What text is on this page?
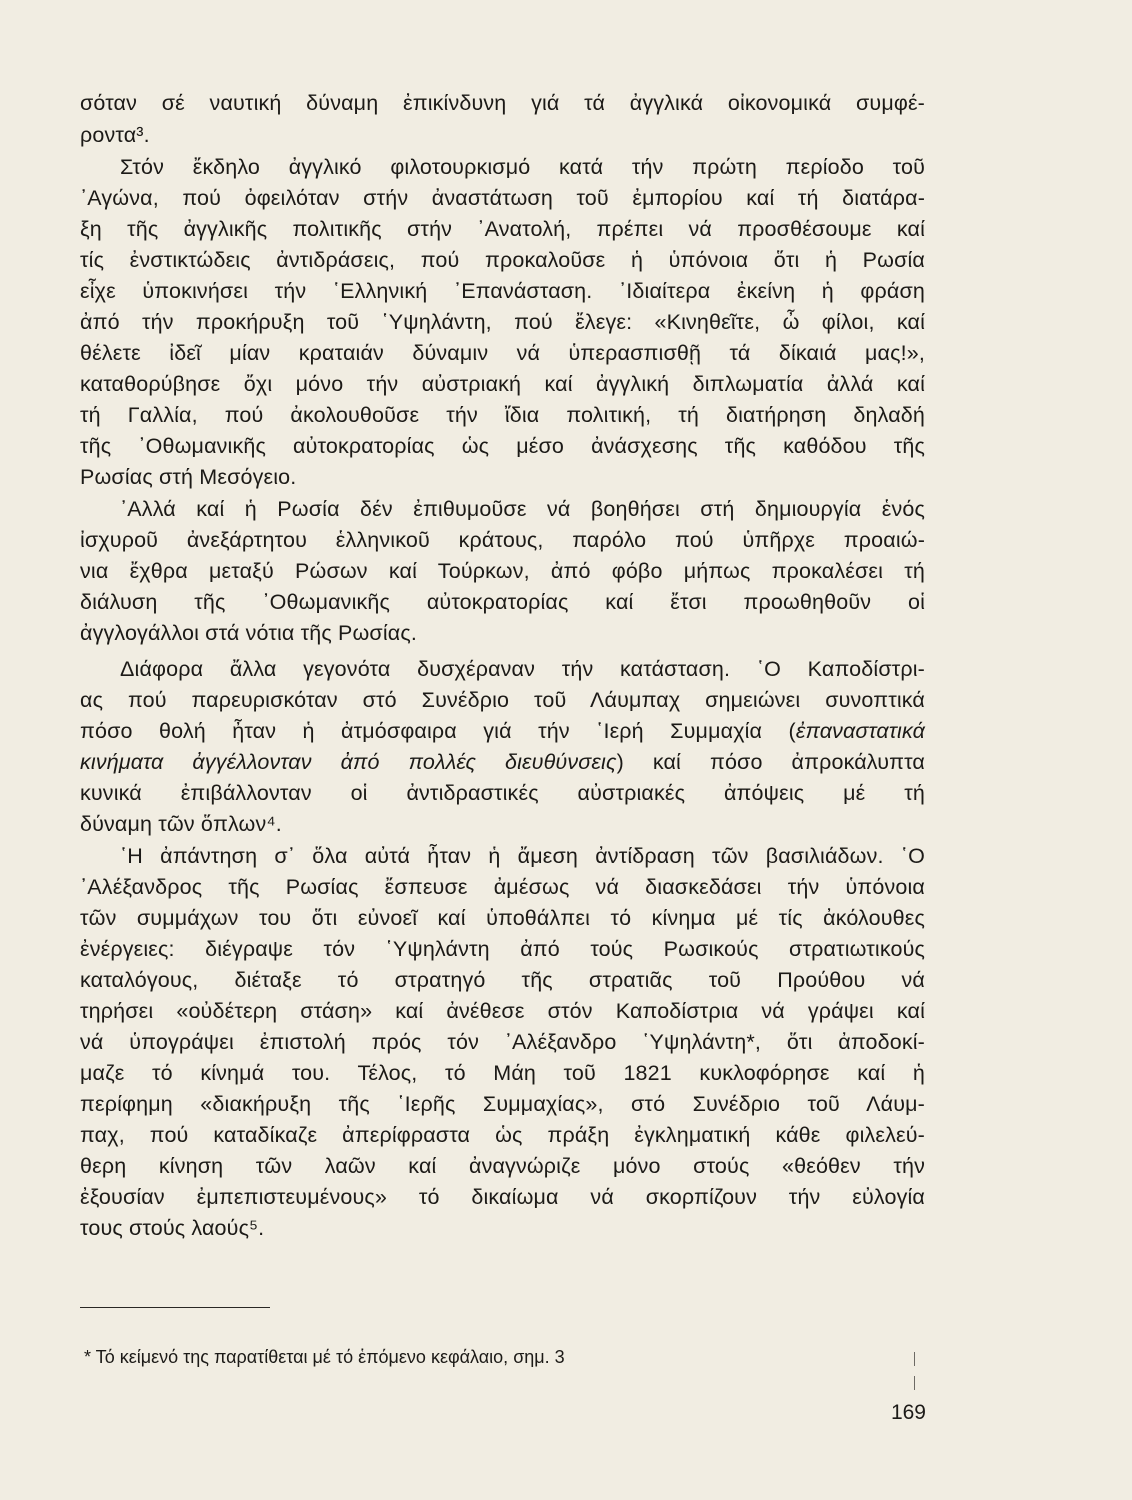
σόταν σέ ναυτική δύναμη ἐπικίνδυνη γιά τά ἀγγλικά οἰκονομικά συμφέ-
ροντα³.
Στόν ἔκδηλο ἀγγλικό φιλοτουρκισμό κατά τήν πρώτη περίοδο τοῦ
᾿Αγώνα, πού ὀφειλόταν στήν ἀναστάτωση τοῦ ἐμπορίου καί τή διατάρα-
ξη τῆς ἀγγλικῆς πολιτικῆς στήν ᾿Ανατολή, πρέπει νά προσθέσουμε καί
τίς ἐνστικτώδεις ἀντιδράσεις, πού προκαλοῦσε ἡ ὑπόνοια ὅτι ἡ Ρωσία
εἶχε ὑποκινήσει τήν ῾Ελληνική ᾿Επανάσταση. ᾿Ιδιαίτερα ἐκείνη ἡ φράση
ἀπό τήν προκήρυξη τοῦ ῾Υψηλάντη, πού ἔλεγε: «Κινηθεῖτε, ὦ φίλοι, καί
θέλετε ἰδεῖ μίαν κραταιάν δύναμιν νά ὑπερασπισθῇ τά δίκαιά μας!»,
καταθορύβησε ὄχι μόνο τήν αὐστριακή καί ἀγγλική διπλωματία ἀλλά καί
τή Γαλλία, πού ἀκολουθοῦσε τήν ἴδια πολιτική, τή διατήρηση δηλαδή
τῆς ᾿Οθωμανικῆς αὐτοκρατορίας ὡς μέσο ἀνάσχεσης τῆς καθόδου τῆς
Ρωσίας στή Μεσόγειο.
᾿Αλλά καί ἡ Ρωσία δέν ἐπιθυμοῦσε νά βοηθήσει στή δημιουργία ἑνός
ἰσχυροῦ ἀνεξάρτητου ἑλληνικοῦ κράτους, παρόλο πού ὑπῆρχε προαιώ-
νια ἔχθρα μεταξύ Ρώσων καί Τούρκων, ἀπό φόβο μήπως προκαλέσει τή
διάλυση τῆς ᾿Οθωμανικῆς αὐτοκρατορίας καί ἔτσι προωθηθοῦν οἱ
ἀγγλογάλλοι στά νότια τῆς Ρωσίας.
Διάφορα ἄλλα γεγονότα δυσχέραναν τήν κατάσταση. ῾Ο Καποδίστρι-
ας πού παρευρισκόταν στό Συνέδριο τοῦ Λάυμπαχ σημειώνει συνοπτικά
πόσο θολή ἦταν ἡ ἀτμόσφαιρα γιά τήν ῾Ιερή Συμμαχία (ἐπαναστατικά
κινήματα ἀγγέλλονταν ἀπό πολλές διευθύνσεις) καί πόσο ἀπροκάλυπτα
κυνικά ἐπιβάλλονταν οἱ ἀντιδραστικές αὐστριακές ἀπόψεις μέ τή
δύναμη τῶν ὅπλων⁴.
῾Η ἀπάντηση σ᾿ ὅλα αὐτά ἦταν ἡ ἄμεση ἀντίδραση τῶν βασιλιάδων. ῾Ο
᾿Αλέξανδρος τῆς Ρωσίας ἔσπευσε ἀμέσως νά διασκεδάσει τήν ὑπόνοια
τῶν συμμάχων του ὅτι εὐνοεῖ καί ὑποθάλπει τό κίνημα μέ τίς ἀκόλουθες
ἐνέργειες: διέγραψε τόν ῾Υψηλάντη ἀπό τούς Ρωσικούς στρατιωτικούς
καταλόγους, διέταξε τό στρατηγό τῆς στρατιᾶς τοῦ Προύθου νά
τηρήσει «οὐδέτερη στάση» καί ἀνέθεσε στόν Καποδίστρια νά γράψει καί
νά ὑπογράψει ἐπιστολή πρός τόν ᾿Αλέξανδρο ῾Υψηλάντη*, ὅτι ἀποδοκί-
μαζε τό κίνημά του. Τέλος, τό Μάη τοῦ 1821 κυκλοφόρησε καί ἡ
περίφημη «διακήρυξη τῆς ῾Ιερῆς Συμμαχίας», στό Συνέδριο τοῦ Λάυμ-
παχ, πού καταδίκαζε ἀπερίφραστα ὡς πράξη ἐγκληματική κάθε φιλελεύ-
θερη κίνηση τῶν λαῶν καί ἀναγνώριζε μόνο στούς «θεόθεν τήν
ἐξουσίαν ἐμπεπιστευμένους» τό δικαίωμα νά σκορπίζουν τήν εὐλογία
τους στούς λαούς⁵.
* Τό κείμενό της παρατίθεται μέ τό ἑπόμενο κεφάλαιο, σημ. 3
169
